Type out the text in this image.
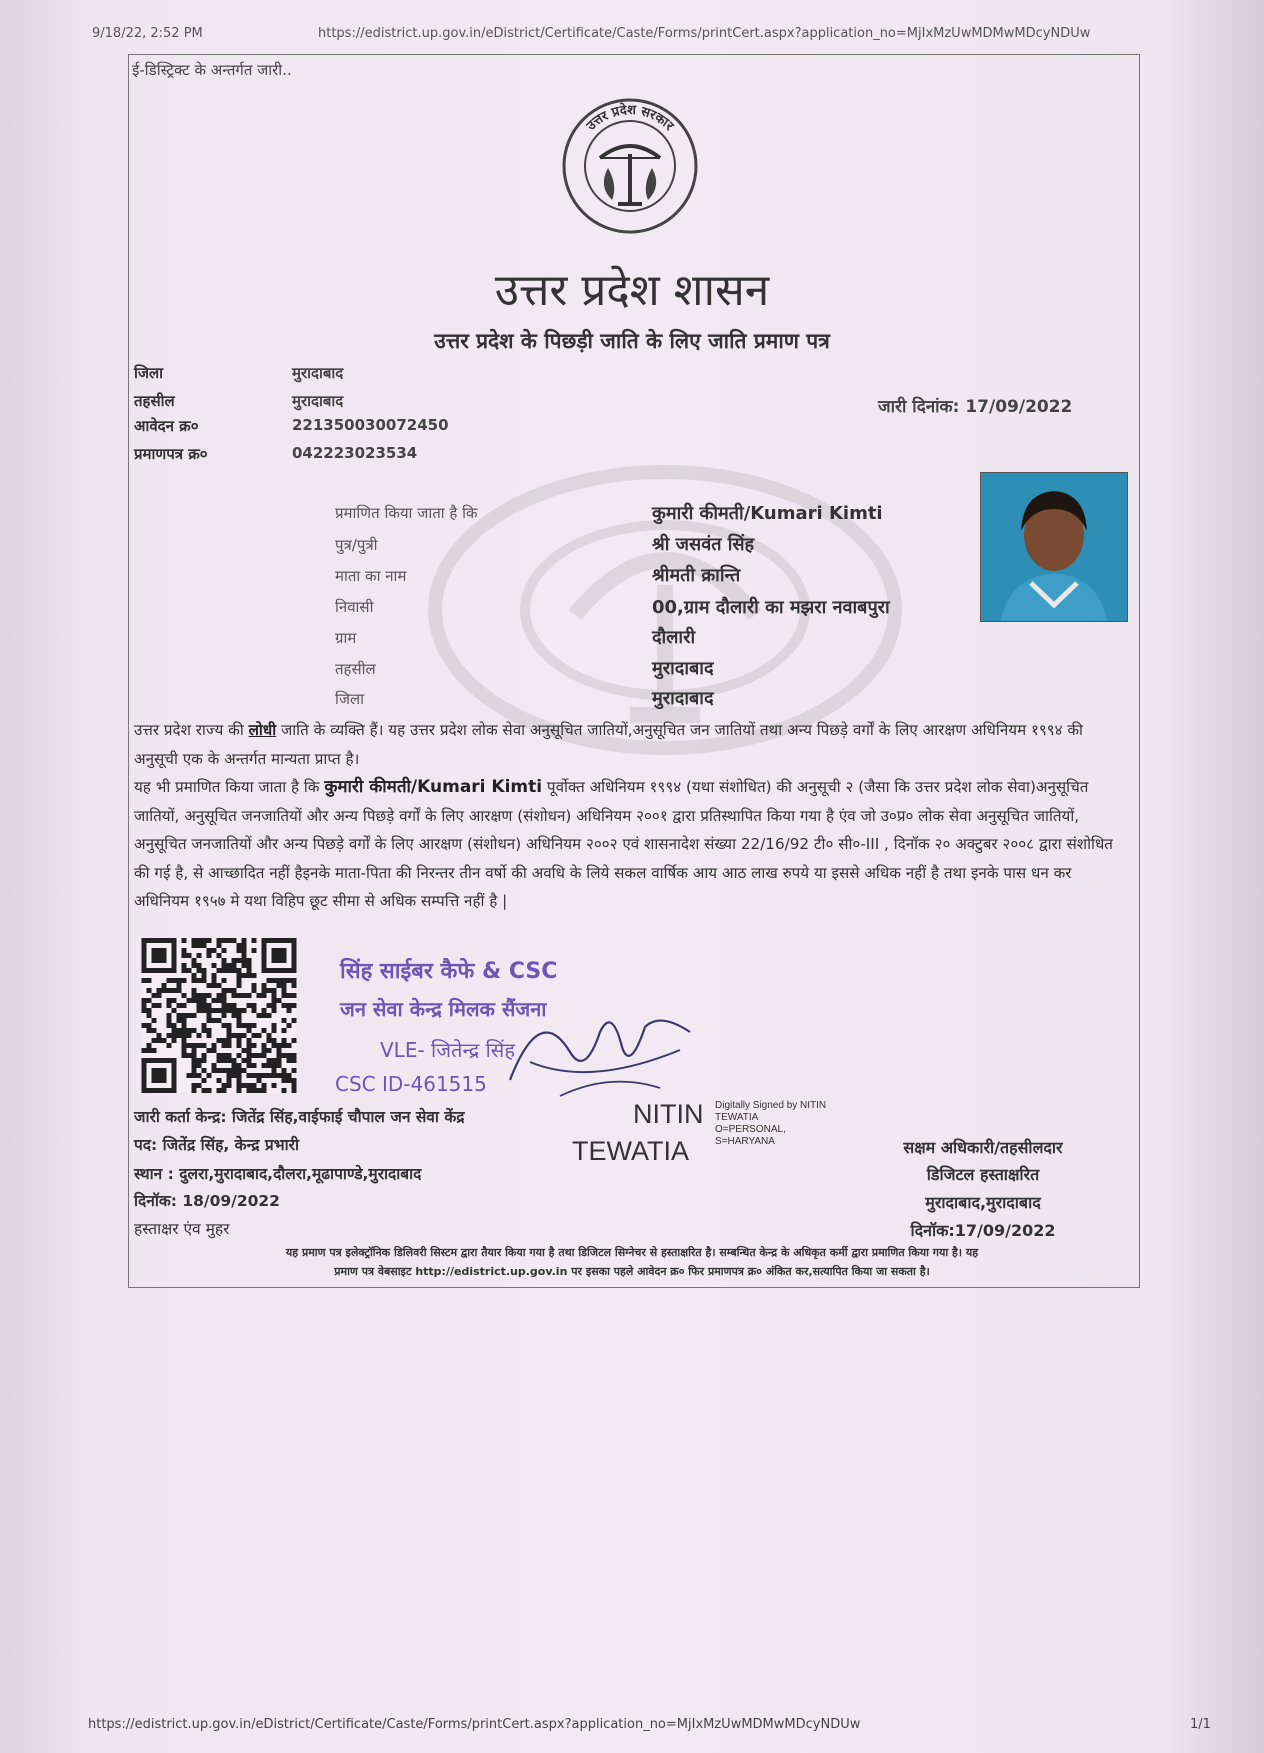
9/18/22, 2:52 PM	https://edistrict.up.gov.in/eDistrict/Certificate/Caste/Forms/printCert.aspx?application_no=MjIxMzUwMDMwMDcyNDUw
ई-डिस्ट्रिक्ट के अन्तर्गत जारी..
उत्तर प्रदेश सरकार
उत्तर प्रदेश शासन
उत्तर प्रदेश के पिछड़ी जाति के लिए जाति प्रमाण पत्र
जिला	मुरादाबाद
तहसील	मुरादाबाद
आवेदन क्र०	221350030072450
प्रमाणपत्र क्र०	042223023534
जारी दिनांक: 17/09/2022
प्रमाणित किया जाता है कि	कुमारी कीमती/Kumari Kimti
पुत्र/पुत्री	श्री जसवंत सिंह
माता का नाम	श्रीमती क्रान्ति
निवासी	00,ग्राम दौलारी का मझरा नवाबपुरा
ग्राम	दौलारी
तहसील	मुरादाबाद
जिला	मुरादाबाद
उत्तर प्रदेश राज्य की लोधी जाति के व्यक्ति हैं। यह उत्तर प्रदेश लोक सेवा अनुसूचित जातियों,अनुसूचित जन जातियों तथा अन्य पिछड़े वर्गों के लिए आरक्षण अधिनियम १९९४ की अनुसूची एक के अन्तर्गत मान्यता प्राप्त है।
यह भी प्रमाणित किया जाता है कि कुमारी कीमती/Kumari Kimti पूर्वोक्त अधिनियम १९९४ (यथा संशोधित) की अनुसूची २ (जैसा कि उत्तर प्रदेश लोक सेवा)अनुसूचित जातियों, अनुसूचित जनजातियों और अन्य पिछड़े वर्गों के लिए आरक्षण (संशोधन) अधिनियम २००१ द्वारा प्रतिस्थापित किया गया है एंव जो उ०प्र० लोक सेवा अनुसूचित जातियों, अनुसूचित जनजातियों और अन्य पिछड़े वर्गों के लिए आरक्षण (संशोधन) अधिनियम २००२ एवं शासनादेश संख्या 22/16/92 टी० सी०-III , दिनॉक २० अक्टुबर २००८ द्वारा संशोधित की गई है, से आच्छादित नहीं हैइनके माता-पिता की निरन्तर तीन वर्षो की अवधि के लिये सकल वार्षिक आय आठ लाख रुपये या इससे अधिक नहीं है तथा इनके पास धन कर अधिनियम १९५७ मे यथा विहिप छूट सीमा से अधिक सम्पत्ति नहीं है |
सिंह साईबर कैफे & CSC
जन सेवा केन्द्र मिलक सैंजना
VLE- जितेन्द्र सिंह
CSC ID-461515
जारी कर्ता केन्द्र: जितेंद्र सिंह,वाईफाई चौपाल जन सेवा केंद्र
पद: जितेंद्र सिंह, केन्द्र प्रभारी
स्थान : दुलरा,मुरादाबाद,दौलरा,मूढापाण्डे,मुरादाबाद
दिनॉक: 18/09/2022
हस्ताक्षर एंव मुहर
NITIN
TEWATIA
Digitally Signed by NITIN
TEWATIA
O=PERSONAL,
S=HARYANA	सक्षम अधिकारी/तहसीलदार
डिजिटल हस्ताक्षरित
मुरादाबाद,मुरादाबाद
दिनॉक:17/09/2022
यह प्रमाण पत्र इलेक्ट्रॉनिक डिलिवरी सिस्टम द्वारा तैयार किया गया है तथा डिजिटल सिग्नेचर से हस्ताक्षरित है। सम्बन्धित केन्द्र के अधिकृत कर्मी द्वारा प्रमाणित किया गया है। यह
प्रमाण पत्र वेबसाइट http://edistrict.up.gov.in पर इसका पहले आवेदन क्र० फिर प्रमाणपत्र क्र० अंकित कर,सत्यापित किया जा सकता है।
https://edistrict.up.gov.in/eDistrict/Certificate/Caste/Forms/printCert.aspx?application_no=MjIxMzUwMDMwMDcyNDUw	1/1
